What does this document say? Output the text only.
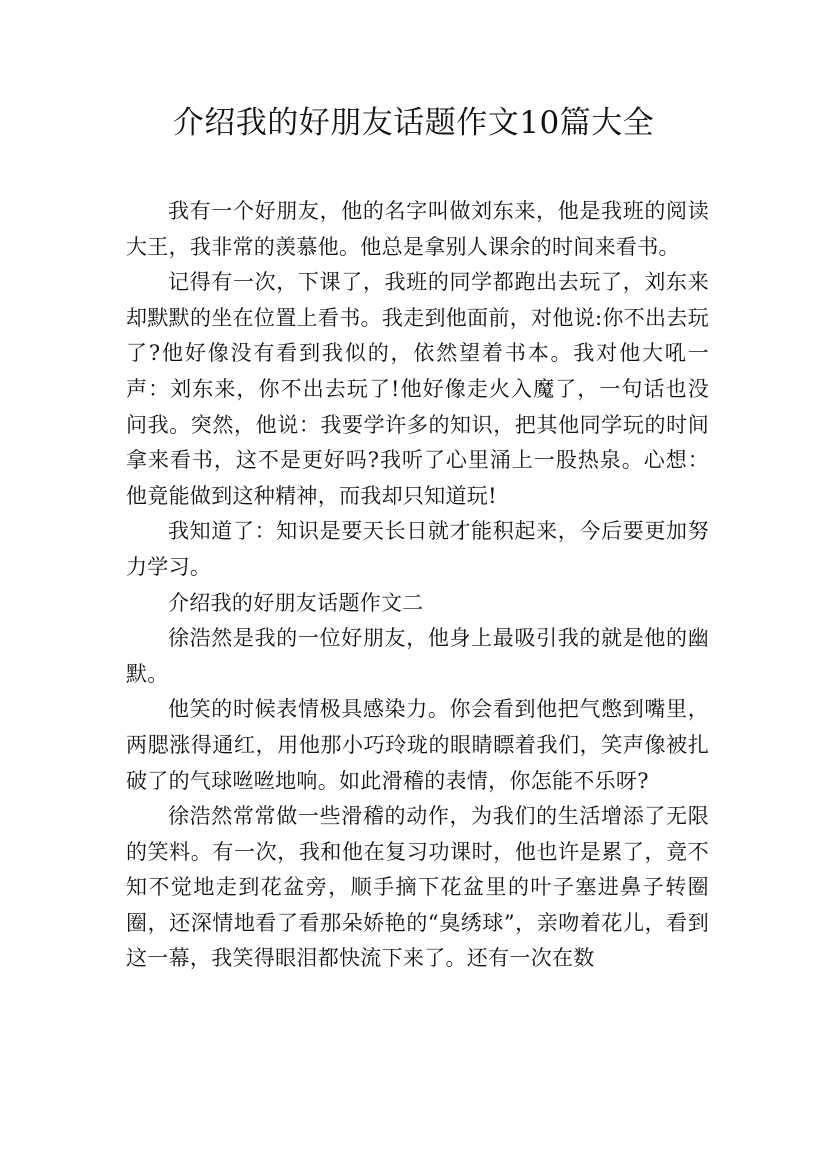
介绍我的好朋友话题作文10篇大全

我有一个好朋友，他的名字叫做刘东来，他是我班的阅读大王，我非常的羡慕他。他总是拿别人课余的时间来看书。

记得有一次，下课了，我班的同学都跑出去玩了，刘东来却默默的坐在位置上看书。我走到他面前，对他说:你不出去玩了?他好像没有看到我似的，依然望着书本。我对他大吼一声：刘东来，你不出去玩了!他好像走火入魔了，一句话也没问我。突然，他说：我要学许多的知识，把其他同学玩的时间拿来看书，这不是更好吗?我听了心里涌上一股热泉。心想：他竟能做到这种精神，而我却只知道玩!

我知道了：知识是要天长日就才能积起来，今后要更加努力学习。

介绍我的好朋友话题作文二

徐浩然是我的一位好朋友，他身上最吸引我的就是他的幽默。

他笑的时候表情极具感染力。你会看到他把气憋到嘴里，两腮涨得通红，用他那小巧玲珑的眼睛瞟着我们，笑声像被扎破了的气球咝咝地响。如此滑稽的表情，你怎能不乐呀?

徐浩然常常做一些滑稽的动作，为我们的生活增添了无限的笑料。有一次，我和他在复习功课时，他也许是累了，竟不知不觉地走到花盆旁，顺手摘下花盆里的叶子塞进鼻子转圈圈，还深情地看了看那朵娇艳的“臭绣球”，亲吻着花儿，看到这一幕，我笑得眼泪都快流下来了。还有一次在数
